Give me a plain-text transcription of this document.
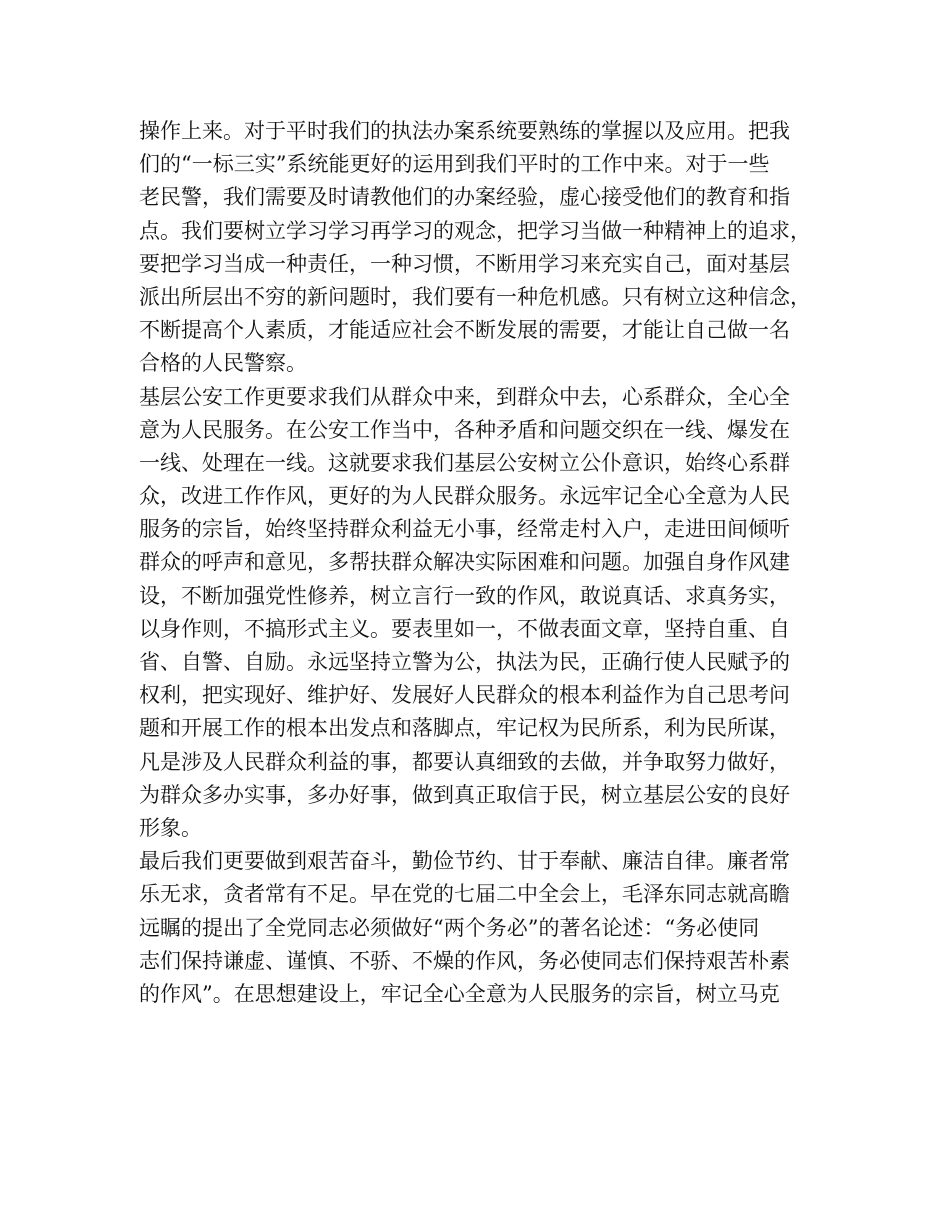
操作上来。对于平时我们的执法办案系统要熟练的掌握以及应用。把我
们的“一标三实”系统能更好的运用到我们平时的工作中来。对于一些
老民警，我们需要及时请教他们的办案经验，虚心接受他们的教育和指
点。我们要树立学习学习再学习的观念，把学习当做一种精神上的追求，
要把学习当成一种责任，一种习惯，不断用学习来充实自己，面对基层
派出所层出不穷的新问题时，我们要有一种危机感。只有树立这种信念，
不断提高个人素质，才能适应社会不断发展的需要，才能让自己做一名
合格的人民警察。
基层公安工作更要求我们从群众中来，到群众中去，心系群众，全心全
意为人民服务。在公安工作当中，各种矛盾和问题交织在一线、爆发在
一线、处理在一线。这就要求我们基层公安树立公仆意识，始终心系群
众，改进工作作风，更好的为人民群众服务。永远牢记全心全意为人民
服务的宗旨，始终坚持群众利益无小事，经常走村入户，走进田间倾听
群众的呼声和意见，多帮扶群众解决实际困难和问题。加强自身作风建
设，不断加强党性修养，树立言行一致的作风，敢说真话、求真务实，
以身作则，不搞形式主义。要表里如一，不做表面文章，坚持自重、自
省、自警、自励。永远坚持立警为公，执法为民，正确行使人民赋予的
权利，把实现好、维护好、发展好人民群众的根本利益作为自己思考问
题和开展工作的根本出发点和落脚点，牢记权为民所系，利为民所谋，
凡是涉及人民群众利益的事，都要认真细致的去做，并争取努力做好，
为群众多办实事，多办好事，做到真正取信于民，树立基层公安的良好
形象。
最后我们更要做到艰苦奋斗，勤俭节约、甘于奉献、廉洁自律。廉者常
乐无求，贪者常有不足。早在党的七届二中全会上，毛泽东同志就高瞻
远瞩的提出了全党同志必须做好“两个务必”的著名论述：“务必使同
志们保持谦虚、谨慎、不骄、不燥的作风，务必使同志们保持艰苦朴素
的作风”。在思想建设上，牢记全心全意为人民服务的宗旨，树立马克
